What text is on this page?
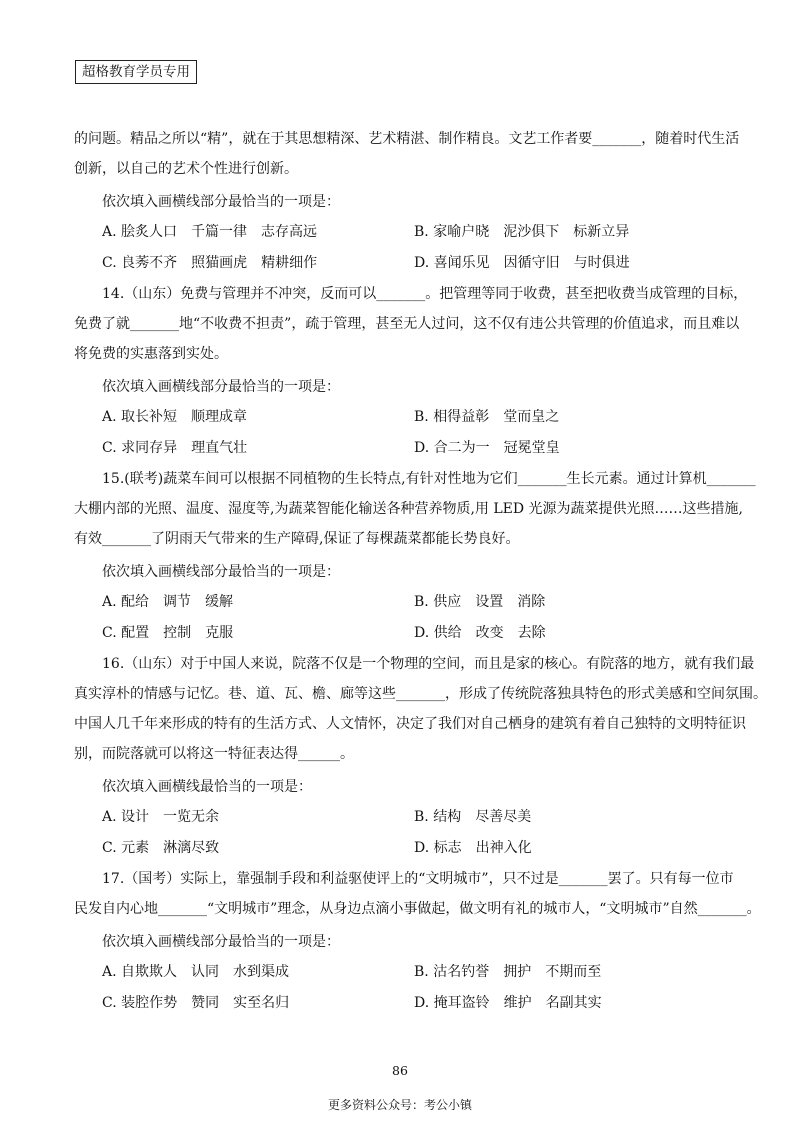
超格教育学员专用

的问题。精品之所以“精”，就在于其思想精深、艺术精湛、制作精良。文艺工作者要_______，随着时代生活

创新，以自己的艺术个性进行创新。

依次填入画横线部分最恰当的一项是：

A. 脍炙人口　千篇一律　志存高远	B. 家喻户晓　泥沙俱下　标新立异
C. 良莠不齐　照猫画虎　精耕细作	D. 喜闻乐见　因循守旧　与时俱进

14.（山东）免费与管理并不冲突，反而可以_______。把管理等同于收费，甚至把收费当成管理的目标，

免费了就_______地“不收费不担责”，疏于管理，甚至无人过问，这不仅有违公共管理的价值追求，而且难以

将免费的实惠落到实处。

依次填入画横线部分最恰当的一项是：

A. 取长补短　顺理成章	B. 相得益彰　堂而皇之
C. 求同存异　理直气壮	D. 合二为一　冠冕堂皇

15.(联考)蔬菜车间可以根据不同植物的生长特点,有针对性地为它们_______生长元素。通过计算机_______

大棚内部的光照、温度、湿度等,为蔬菜智能化输送各种营养物质,用 LED 光源为蔬菜提供光照……这些措施,

有效_______了阴雨天气带来的生产障碍,保证了每棵蔬菜都能长势良好。

依次填入画横线部分最恰当的一项是：

A. 配给　调节　缓解	B. 供应　设置　消除
C. 配置　控制　克服	D. 供给　改变　去除

16.（山东）对于中国人来说，院落不仅是一个物理的空间，而且是家的核心。有院落的地方，就有我们最

真实淳朴的情感与记忆。巷、道、瓦、檐、廊等这些_______，形成了传统院落独具特色的形式美感和空间氛围。

中国人几千年来形成的特有的生活方式、人文情怀，决定了我们对自己栖身的建筑有着自己独特的文明特征识

别，而院落就可以将这一特征表达得______。

依次填入画横线最恰当的一项是：

A. 设计　一览无余	B. 结构　尽善尽美
C. 元素　淋漓尽致	D. 标志　出神入化

17.（国考）实际上，靠强制手段和利益驱使评上的“文明城市”，只不过是_______罢了。只有每一位市

民发自内心地_______“文明城市”理念，从身边点滴小事做起，做文明有礼的城市人，“文明城市”自然_______。

依次填入画横线部分最恰当的一项是：

A. 自欺欺人　认同　水到渠成	B. 沽名钓誉　拥护　不期而至
C. 装腔作势　赞同　实至名归	D. 掩耳盗铃　维护　名副其实
86
更多资料公众号：考公小镇
